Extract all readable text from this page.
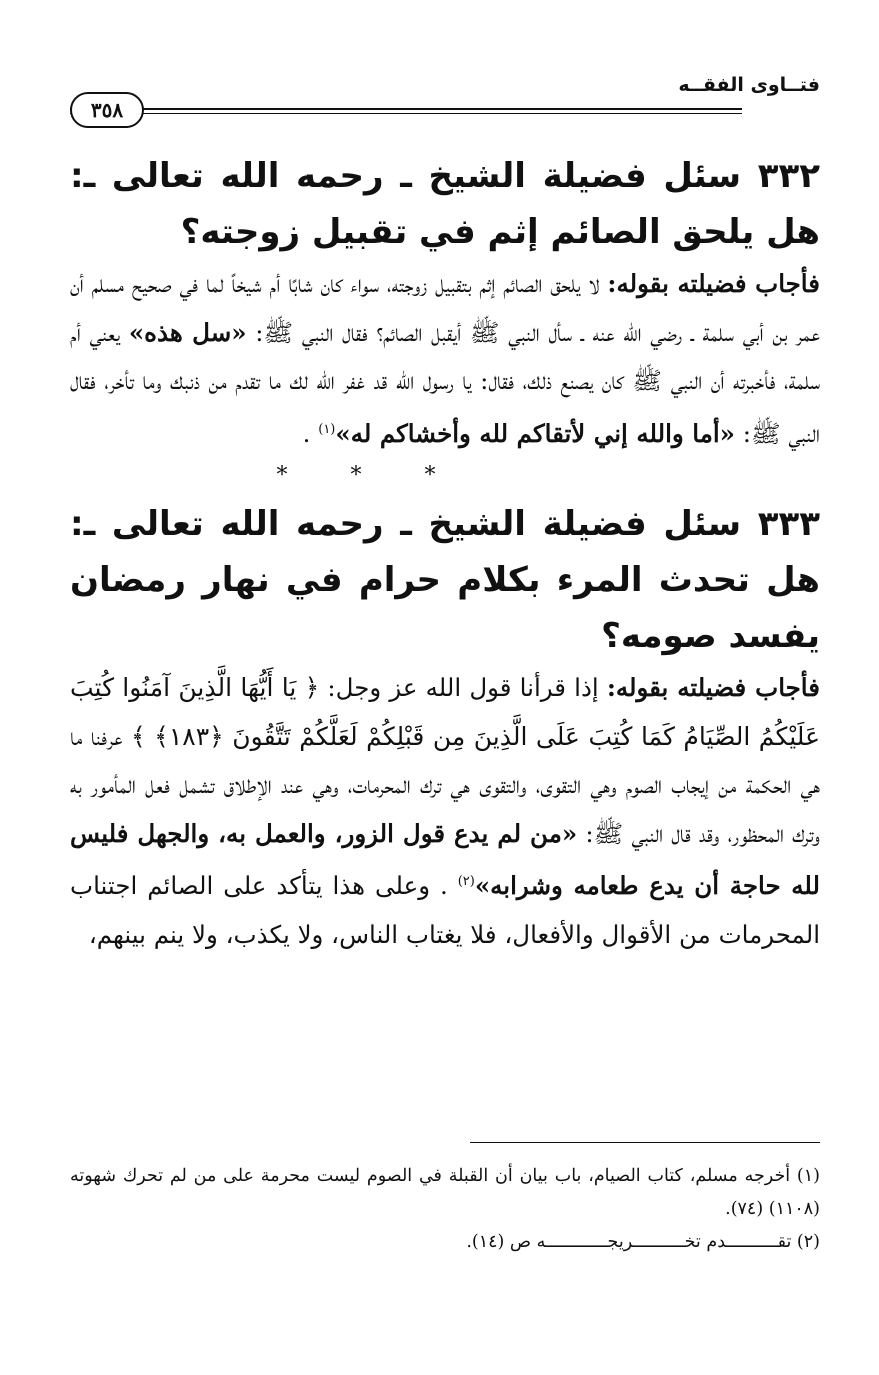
فتــاوى الفقــه
٣٥٨

٣٣٢ سئل فضيلة الشيخ ـ رحمه الله تعالى ـ: هل يلحق الصائم إثم في تقبيل زوجته؟

فأجاب فضيلته بقوله: لا يلحق الصائم إثم بتقبيل زوجته، سواء كان شابًا أم شيخاً لما في صحيح مسلم أن عمر بن أبي سلمة ـ رضي الله عنه ـ سأل النبي ﷺ أيقبل الصائم؟ فقال النبي ﷺ: «سل هذه» يعني أم سلمة، فأخبرته أن النبي ﷺ كان يصنع ذلك، فقال: يا رسول الله قد غفر الله لك ما تقدم من ذنبك وما تأخر، فقال النبي ﷺ: «أما والله إني لأتقاكم لله وأخشاكم له»$^{(١)}$ .

* * *

٣٣٣ سئل فضيلة الشيخ ـ رحمه الله تعالى ـ: هل تحدث المرء بكلام حرام في نهار رمضان يفسد صومه؟

فأجاب فضيلته بقوله: إذا قرأنا قول الله عز وجل: ﴿ يَا أَيُّهَا الَّذِينَ آمَنُوا كُتِبَ عَلَيْكُمُ الصِّيَامُ كَمَا كُتِبَ عَلَى الَّذِينَ مِن قَبْلِكُمْ لَعَلَّكُمْ تَتَّقُونَ ﴿١٨٣﴾ ﴾ عرفنا ما هي الحكمة من إيجاب الصوم وهي التقوى، والتقوى هي ترك المحرمات، وهي عند الإطلاق تشمل فعل المأمور به وترك المحظور، وقد قال النبي ﷺ: «من لم يدع قول الزور، والعمل به، والجهل فليس لله حاجة أن يدع طعامه وشرابه»$^{(٢)}$ . وعلى هذا يتأكد على الصائم اجتناب المحرمات من الأقوال والأفعال، فلا يغتاب الناس، ولا يكذب، ولا ينم بينهم،

(١) أخرجه مسلم، كتاب الصيام، باب بيان أن القبلة في الصوم ليست محرمة على من لم تحرك شهوته (١١٠٨) (٧٤).

(٢) تقــــــــــدم تخــــــــــريجــــــــــــه ص (١٤).
